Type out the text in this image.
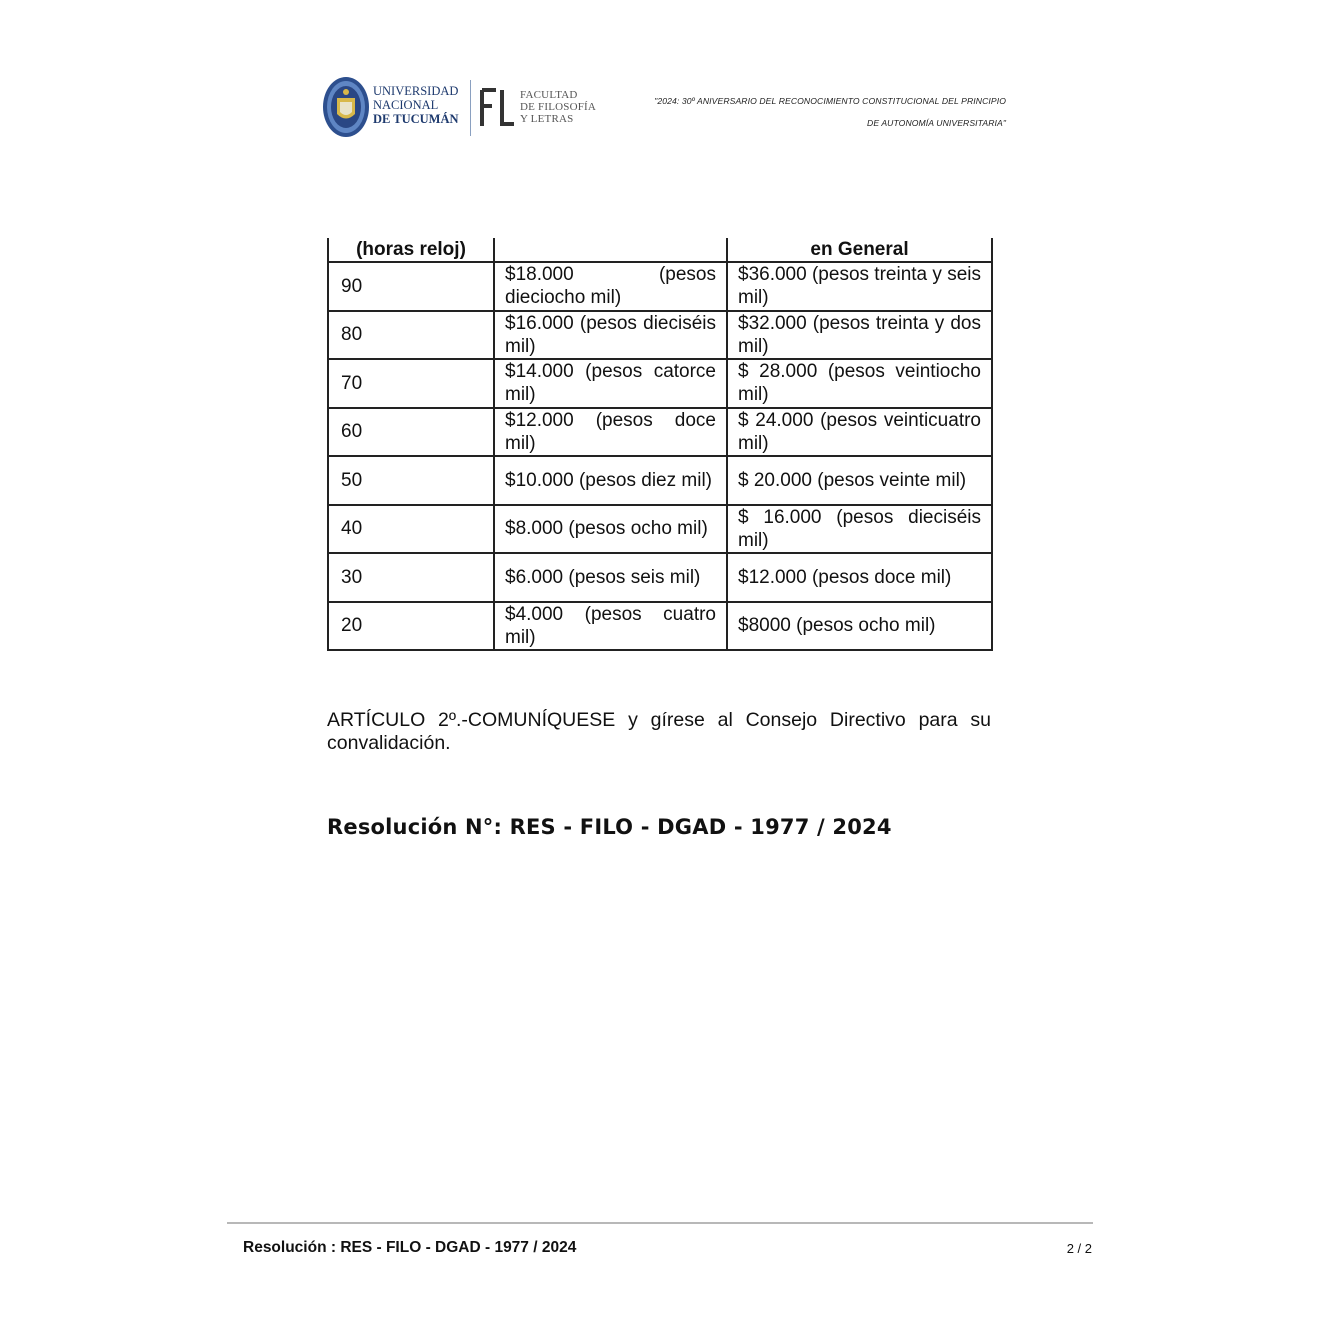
UNIVERSIDAD
NACIONAL
DE TUCUMÁN
FL
FACULTAD
DE FILOSOFÍA
Y LETRAS
"2024: 30º ANIVERSARIO DEL RECONOCIMIENTO CONSTITUCIONAL DEL PRINCIPIO
DE AUTONOMÍA UNIVERSITARIA"
(horas reloj)		en General
90	$18.000 (pesos dieciocho mil)	$36.000 (pesos treinta y seis mil)
80	$16.000 (pesos dieciséis mil)	$32.000 (pesos treinta y dos mil)
70	$14.000 (pesos catorce mil)	$ 28.000 (pesos veintiocho mil)
60	$12.000 (pesos doce mil)	$ 24.000 (pesos veinticuatro mil)
50	$10.000 (pesos diez mil)	$ 20.000 (pesos veinte mil)
40	$8.000 (pesos ocho mil)	$ 16.000 (pesos dieciséis mil)
30	$6.000 (pesos seis mil)	$12.000 (pesos doce mil)
20	$4.000 (pesos cuatro mil)	$8000 (pesos ocho mil)

ARTÍCULO 2º.-COMUNÍQUESE y gírese al Consejo Directivo para su convalidación.

Resolución N°: RES - FILO - DGAD - 1977 / 2024
Resolución : RES - FILO - DGAD - 1977 / 2024	2 / 2
